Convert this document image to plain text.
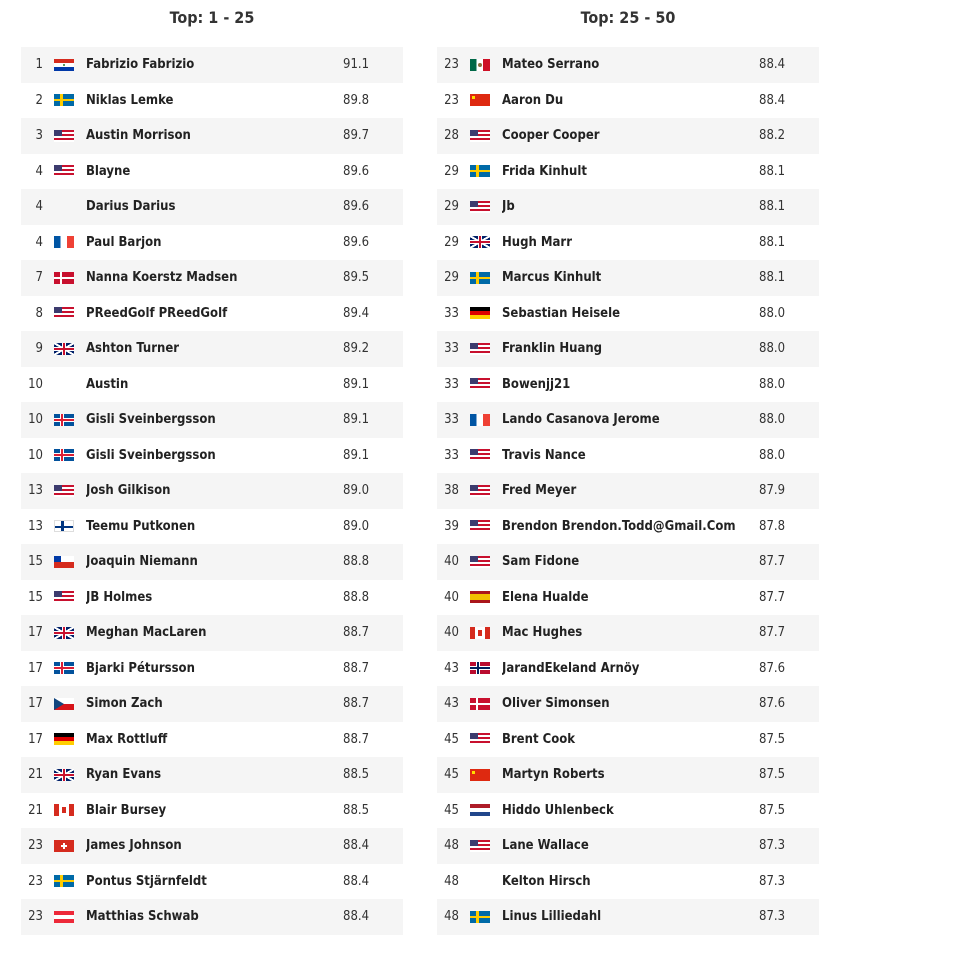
Top: 1 - 25
1	Fabrizio Fabrizio	91.1
2	Niklas Lemke	89.8
3	Austin Morrison	89.7
4	Blayne	89.6
4	Darius Darius	89.6
4	Paul Barjon	89.6
7	Nanna Koerstz Madsen	89.5
8	PReedGolf PReedGolf	89.4
9	Ashton Turner	89.2
10	Austin	89.1
10	Gisli Sveinbergsson	89.1
10	Gisli Sveinbergsson	89.1
13	Josh Gilkison	89.0
13	Teemu Putkonen	89.0
15	Joaquin Niemann	88.8
15	JB Holmes	88.8
17	Meghan MacLaren	88.7
17	Bjarki Pétursson	88.7
17	Simon Zach	88.7
17	Max Rottluff	88.7
21	Ryan Evans	88.5
21	Blair Bursey	88.5
23	James Johnson	88.4
23	Pontus Stjärnfeldt	88.4
23	Matthias Schwab	88.4
Top: 25 - 50
23	Mateo Serrano	88.4
23	Aaron Du	88.4
28	Cooper Cooper	88.2
29	Frida Kinhult	88.1
29	Jb	88.1
29	Hugh Marr	88.1
29	Marcus Kinhult	88.1
33	Sebastian Heisele	88.0
33	Franklin Huang	88.0
33	Bowenjj21	88.0
33	Lando Casanova Jerome	88.0
33	Travis Nance	88.0
38	Fred Meyer	87.9
39	Brendon Brendon.Todd@Gmail.Com	87.8
40	Sam Fidone	87.7
40	Elena Hualde	87.7
40	Mac Hughes	87.7
43	JarandEkeland Arnöy	87.6
43	Oliver Simonsen	87.6
45	Brent Cook	87.5
45	Martyn Roberts	87.5
45	Hiddo Uhlenbeck	87.5
48	Lane Wallace	87.3
48	Kelton Hirsch	87.3
48	Linus Lilliedahl	87.3
